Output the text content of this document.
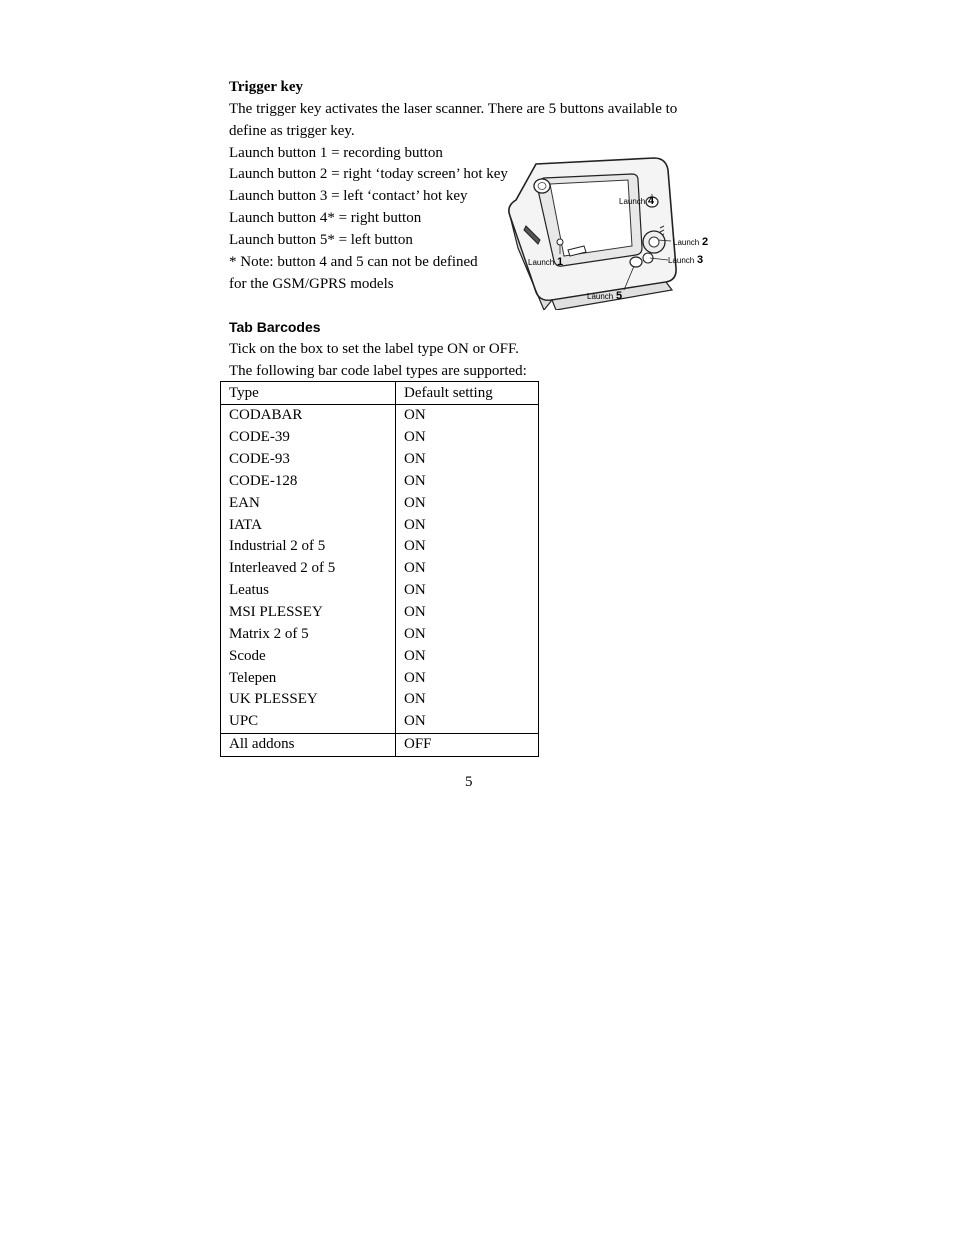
Trigger key
The trigger key activates the laser scanner. There are 5 buttons available to
define as trigger key.
Launch button 1 = recording button
Launch button 2 = right ‘today screen’ hot key
Launch button 3 = left ‘contact’ hot key
Launch button 4* = right button
Launch button 5* = left button
* Note: button 4 and 5 can not be defined
for the GSM/GPRS models
Launch 4
Launch 2
Launch 3
Launch 1
Launch 5
Tab Barcodes
Tick on the box to set the label type ON or OFF.
The following bar code label types are supported:
Type	Default setting
CODABAR	ON
CODE-39	ON
CODE-93	ON
CODE-128	ON
EAN	ON
IATA	ON
Industrial 2 of 5	ON
Interleaved 2 of 5	ON
Leatus	ON
MSI PLESSEY	ON
Matrix 2 of 5	ON
Scode	ON
Telepen	ON
UK PLESSEY	ON
UPC	ON
All addons	OFF
5
